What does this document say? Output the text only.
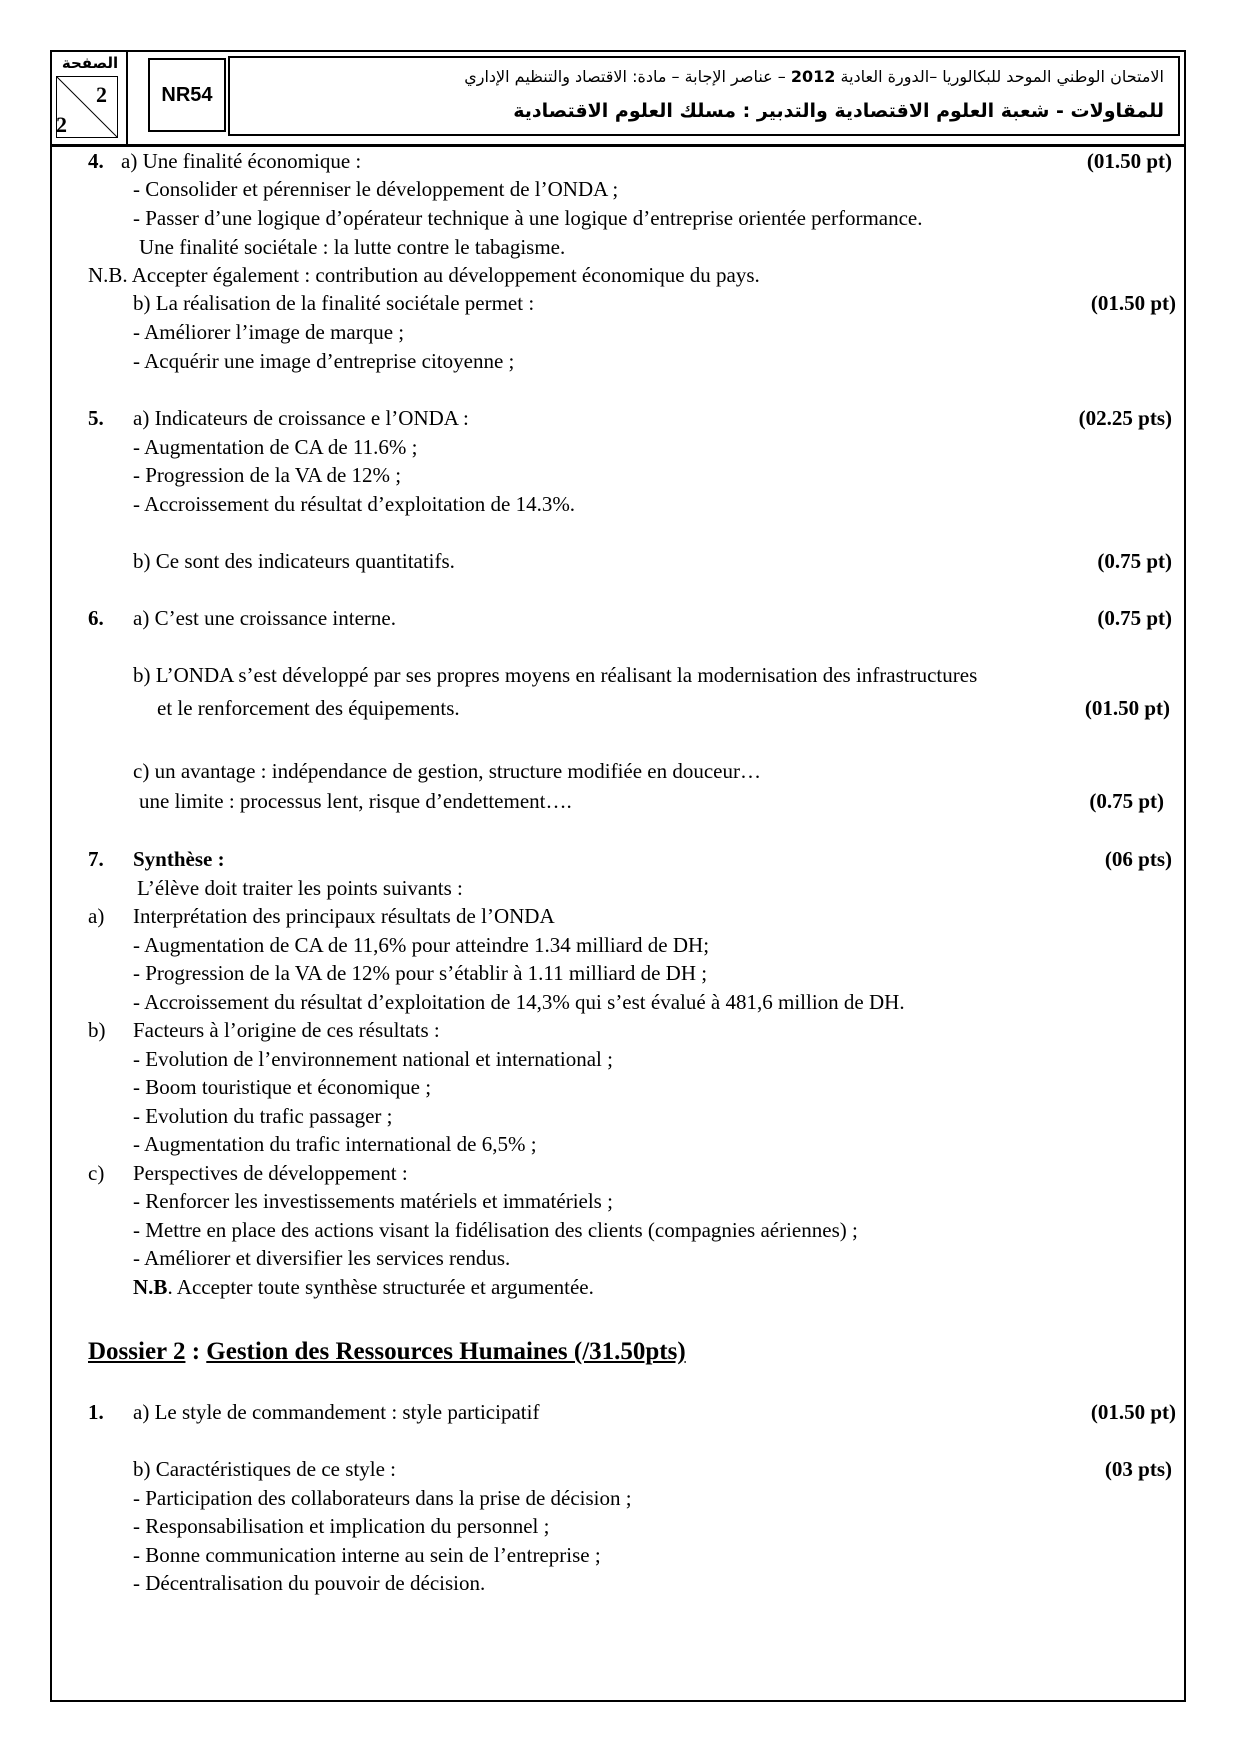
الصفحة
2
2
NR54
الامتحان الوطني الموحد للبكالوريا –الدورة العادية 2012 – عناصر الإجابة – مادة: الاقتصاد والتنظيم الإداري
للمقاولات - شعبة العلوم الاقتصادية والتدبير : مسلك العلوم الاقتصادية
4. a) Une finalité économique :	(01.50 pt)
- Consolider et pérenniser le développement de l’ONDA ;
- Passer d’une logique d’opérateur technique à une logique d’entreprise orientée performance.
Une finalité sociétale : la lutte contre le tabagisme.
N.B. Accepter également : contribution au développement économique du pays.
b) La réalisation de la finalité sociétale permet :	(01.50 pt)
- Améliorer l’image de marque ;
- Acquérir une image d’entreprise citoyenne ;
5. a) Indicateurs de croissance e l’ONDA :	(02.25 pts)
- Augmentation de CA de 11.6% ;
- Progression de la VA de 12% ;
- Accroissement du résultat d’exploitation de 14.3%.
b) Ce sont des indicateurs quantitatifs.	(0.75 pt)
6. a) C’est une croissance interne.	(0.75 pt)
b) L’ONDA s’est développé par ses propres moyens en réalisant la modernisation des infrastructures
et le renforcement des équipements.	(01.50 pt)
c) un avantage : indépendance de gestion, structure modifiée en douceur…
une limite : processus lent, risque d’endettement….	(0.75 pt)
7. Synthèse :	(06 pts)
L’élève doit traiter les points suivants :
a) Interprétation des principaux résultats de l’ONDA
- Augmentation de CA de 11,6% pour atteindre 1.34 milliard de DH;
- Progression de la VA de 12% pour s’établir à 1.11 milliard de DH ;
- Accroissement du résultat d’exploitation de 14,3% qui s’est évalué à 481,6 million de DH.
b) Facteurs à l’origine de ces résultats :
- Evolution de l’environnement national et international ;
- Boom touristique et économique ;
- Evolution du trafic passager ;
- Augmentation du trafic international de 6,5% ;
c) Perspectives de développement :
- Renforcer les investissements matériels et immatériels ;
- Mettre en place des actions visant la fidélisation des clients (compagnies aériennes) ;
- Améliorer et diversifier les services rendus.
N.B. Accepter toute synthèse structurée et argumentée.
Dossier 2 : Gestion des Ressources Humaines (/31.50pts)
1. a) Le style de commandement : style participatif	(01.50 pt)
b) Caractéristiques de ce style :	(03 pts)
- Participation des collaborateurs dans la prise de décision ;
- Responsabilisation et implication du personnel ;
- Bonne communication interne au sein de l’entreprise ;
- Décentralisation du pouvoir de décision.
